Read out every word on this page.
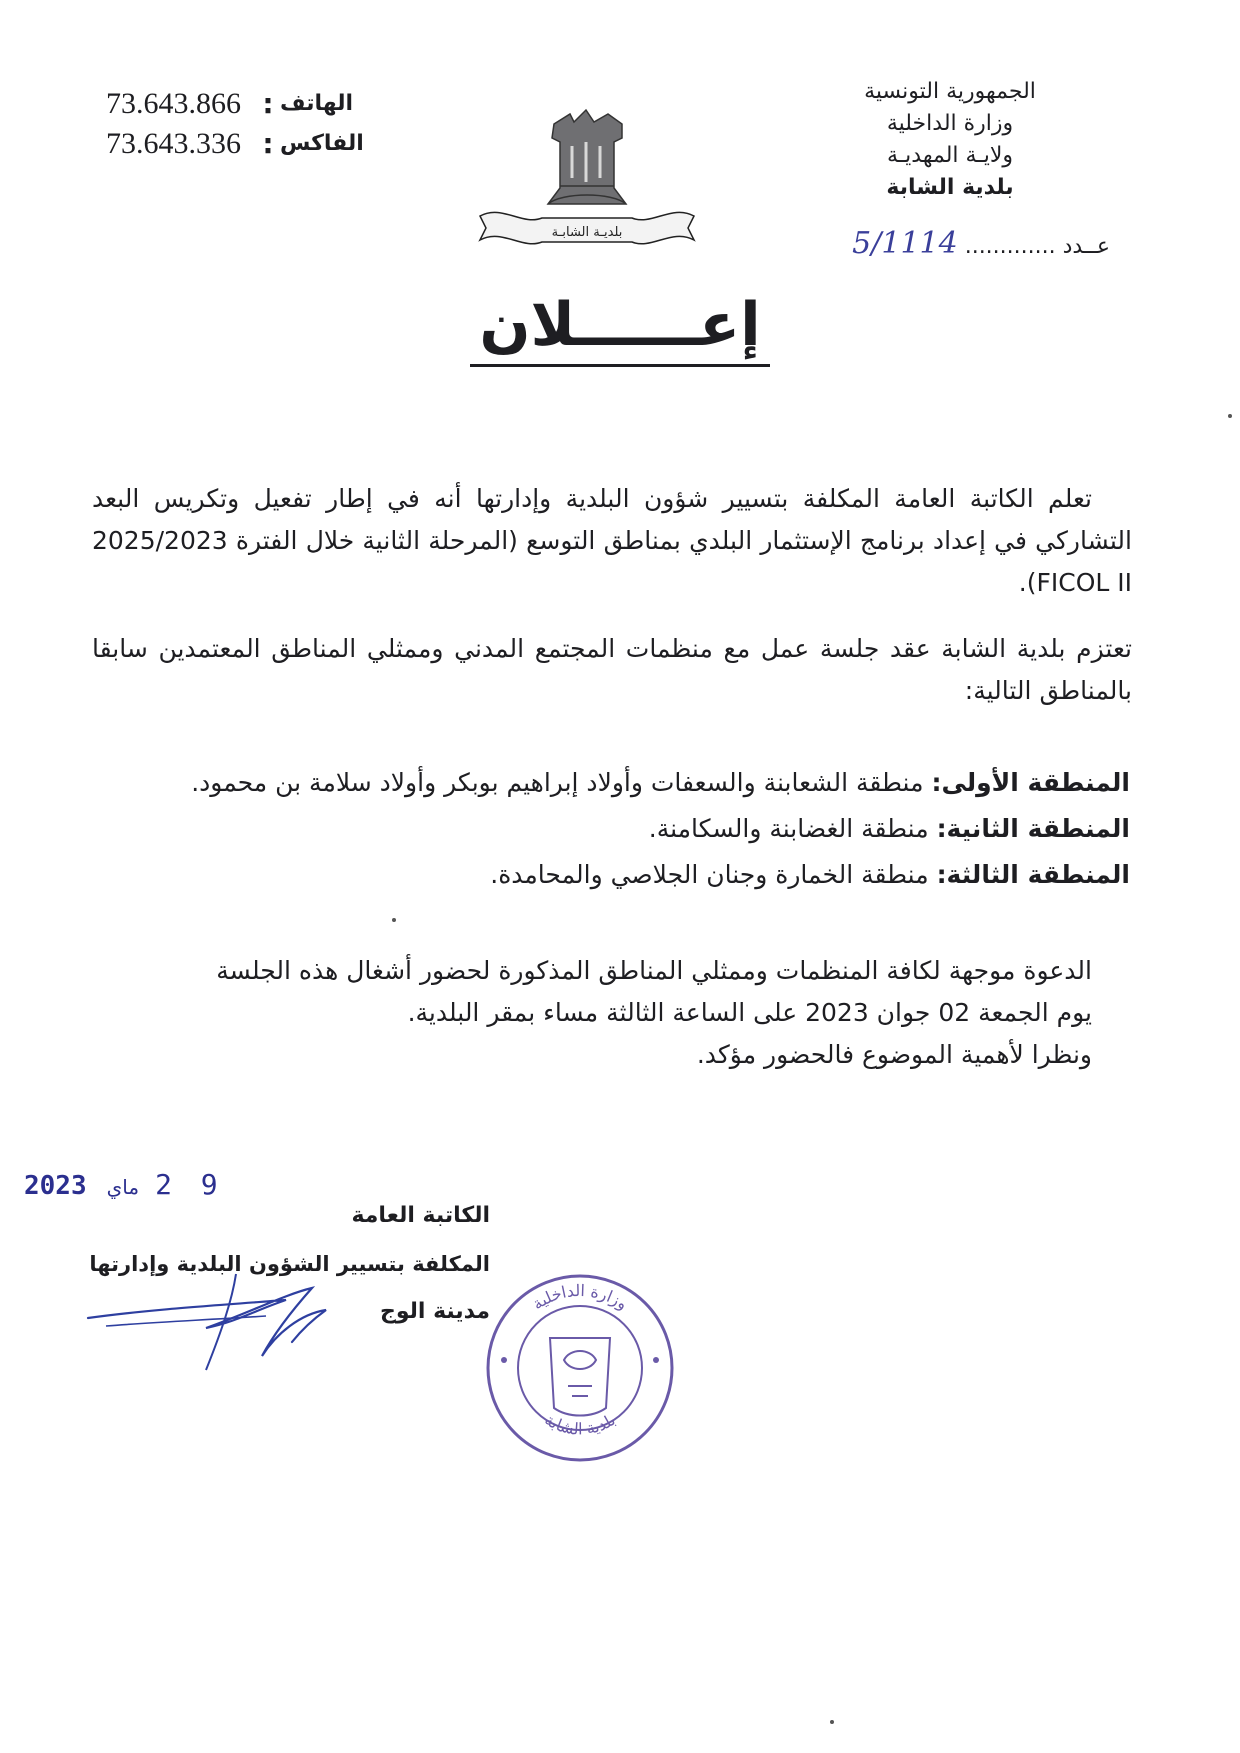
الجمهورية التونسية
وزارة الداخلية
ولايـة المهديـة
بلدية الشابة
عــدد ............. 5/1114
73.643.866 : الهاتف
73.643.336 : الفاكس
بلديـة الشابـة
إعــــــلان
تعلم الكاتبة العامة المكلفة بتسيير شؤون البلدية وإدارتها أنه في إطار تفعيل وتكريس البعد التشاركي في إعداد برنامج الإستثمار البلدي بمناطق التوسع (المرحلة الثانية خلال الفترة 2025/2023 FICOL II).
تعتزم بلدية الشابة عقد جلسة عمل مع منظمات المجتمع المدني وممثلي المناطق المعتمدين سابقا بالمناطق التالية:
المنطقة الأولى: منطقة الشعابنة والسعفات وأولاد إبراهيم بوبكر وأولاد سلامة بن محمود.
المنطقة الثانية: منطقة الغضابنة والسكامنة.
المنطقة الثالثة: منطقة الخمارة وجنان الجلاصي والمحامدة.
الدعوة موجهة لكافة المنظمات وممثلي المناطق المذكورة لحضور أشغال هذه الجلسة
يوم الجمعة 02 جوان 2023 على الساعة الثالثة مساء بمقر البلدية.
ونظرا لأهمية الموضوع فالحضور مؤكد.
2023 ماي 2 9
الكاتبة العامة
المكلفة بتسيير الشؤون البلدية وإدارتها
مدينة الوج وزارة الداخلية
بلدية الشابة
